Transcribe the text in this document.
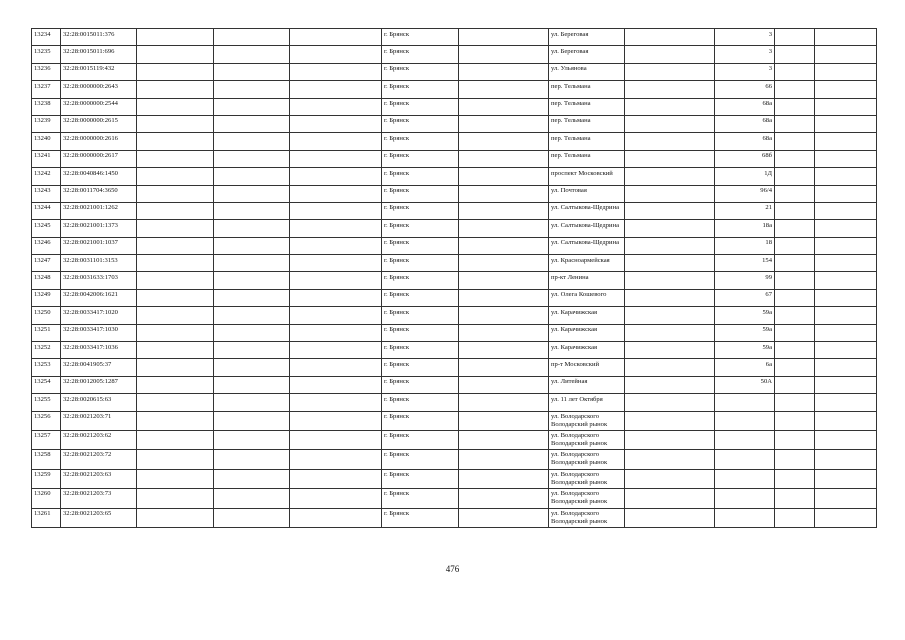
13234	32:28:0015011:376				г. Брянск		ул. Береговая		3		
13235	32:28:0015011:696				г. Брянск		ул. Береговая		3		
13236	32:28:0015119:432				г. Брянск		ул. Ульянова		3		
13237	32:28:0000000:2643				г. Брянск		пер. Тельмана		66		
13238	32:28:0000000:2544				г. Брянск		пер. Тельмана		68а		
13239	32:28:0000000:2615				г. Брянск		пер. Тельмана		68а		
13240	32:28:0000000:2616				г. Брянск		пер. Тельмана		68а		
13241	32:28:0000000:2617				г. Брянск		пер. Тельмана		68б		
13242	32:28:0040846:1450				г. Брянск		проспект Московский		1Д		
13243	32:28:0011704:3650				г. Брянск		ул. Почтовая		96/4		
13244	32:28:0021001:1262				г. Брянск		ул. Салтыкова-Щедрина		21		
13245	32:28:0021001:1373				г. Брянск		ул. Салтыкова-Щедрина		18а		
13246	32:28:0021001:1037				г. Брянск		ул. Салтыкова-Щедрина		18		
13247	32:28:0031101:3153				г. Брянск		ул. Красноармейская		154		
13248	32:28:0031633:1703				г. Брянск		пр-кт Ленина		99		
13249	32:28:0042006:1621				г. Брянск		ул. Олега Кошевого		67		
13250	32:28:0033417:1020				г. Брянск		ул. Карачижская		59а		
13251	32:28:0033417:1030				г. Брянск		ул. Карачижская		59а		
13252	32:28:0033417:1036				г. Брянск		ул. Карачижская		59а		
13253	32:28:0041905:37				г. Брянск		пр-т Московский		6а		
13254	32:28:0012005:1287				г. Брянск		ул. Литейная		50А		
13255	32:28:0020615:63				г. Брянск		ул. 11 лет Октября				

13256	32:28:0021203:71				г. Брянск		ул. Володарского
Володарский рынок				

13257	32:28:0021203:62				г. Брянск		ул. Володарского
Володарский рынок				

13258	32:28:0021203:72				г. Брянск		ул. Володарского
Володарский рынок				

13259	32:28:0021203:63				г. Брянск		ул. Володарского
Володарский рынок				

13260	32:28:0021203:73				г. Брянск		ул. Володарского
Володарский рынок				

13261	32:28:0021203:65				г. Брянск		ул. Володарского
Володарский рынок				

476
